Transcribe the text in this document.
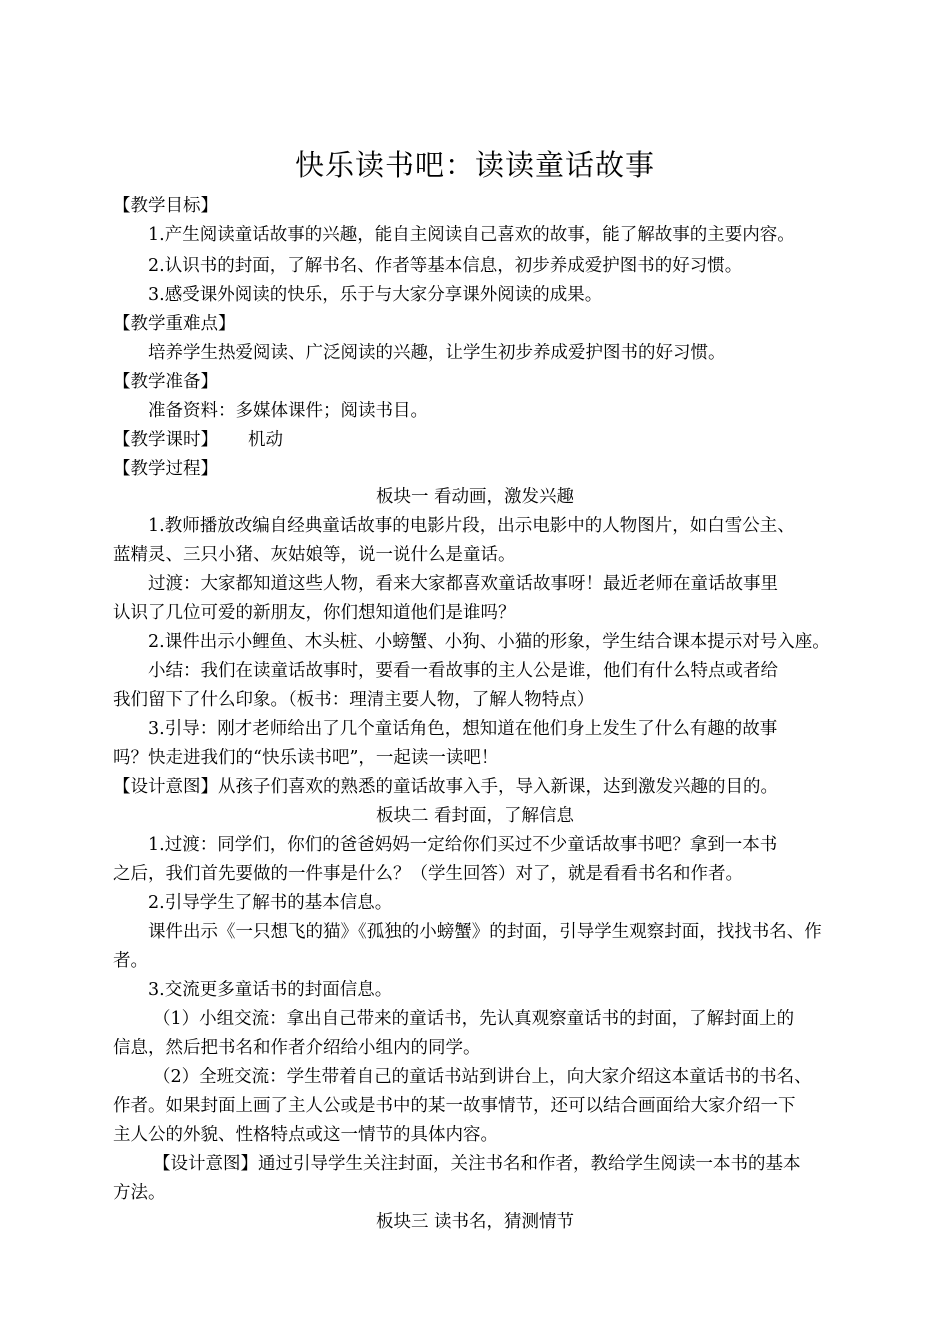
快乐读书吧：读读童话故事
【教学目标】
1.产生阅读童话故事的兴趣，能自主阅读自己喜欢的故事，能了解故事的主要内容。
2.认识书的封面，了解书名、作者等基本信息，初步养成爱护图书的好习惯。
3.感受课外阅读的快乐，乐于与大家分享课外阅读的成果。
【教学重难点】
培养学生热爱阅读、广泛阅读的兴趣，让学生初步养成爱护图书的好习惯。
【教学准备】
准备资料：多媒体课件；阅读书目。
【教学课时】 机动
【教学过程】
板块一 看动画，激发兴趣
1.教师播放改编自经典童话故事的电影片段，出示电影中的人物图片，如白雪公主、
蓝精灵、三只小猪、灰姑娘等，说一说什么是童话。
过渡：大家都知道这些人物，看来大家都喜欢童话故事呀！最近老师在童话故事里
认识了几位可爱的新朋友，你们想知道他们是谁吗？
2.课件出示小鲤鱼、木头桩、小螃蟹、小狗、小猫的形象，学生结合课本提示对号入座。
小结：我们在读童话故事时，要看一看故事的主人公是谁，他们有什么特点或者给
我们留下了什么印象。（板书：理清主要人物，了解人物特点）
3.引导：刚才老师给出了几个童话角色，想知道在他们身上发生了什么有趣的故事
吗？快走进我们的“快乐读书吧”，一起读一读吧！
【设计意图】从孩子们喜欢的熟悉的童话故事入手，导入新课，达到激发兴趣的目的。
板块二 看封面，了解信息
1.过渡：同学们，你们的爸爸妈妈一定给你们买过不少童话故事书吧？拿到一本书
之后，我们首先要做的一件事是什么？（学生回答）对了，就是看看书名和作者。
2.引导学生了解书的基本信息。
课件出示《一只想飞的猫》《孤独的小螃蟹》的封面，引导学生观察封面，找找书名、作
者。
3.交流更多童话书的封面信息。
（1）小组交流：拿出自己带来的童话书，先认真观察童话书的封面，了解封面上的
信息，然后把书名和作者介绍给小组内的同学。
（2）全班交流：学生带着自己的童话书站到讲台上，向大家介绍这本童话书的书名、
作者。如果封面上画了主人公或是书中的某一故事情节，还可以结合画面给大家介绍一下
主人公的外貌、性格特点或这一情节的具体内容。
【设计意图】通过引导学生关注封面，关注书名和作者，教给学生阅读一本书的基本
方法。
板块三 读书名，猜测情节
